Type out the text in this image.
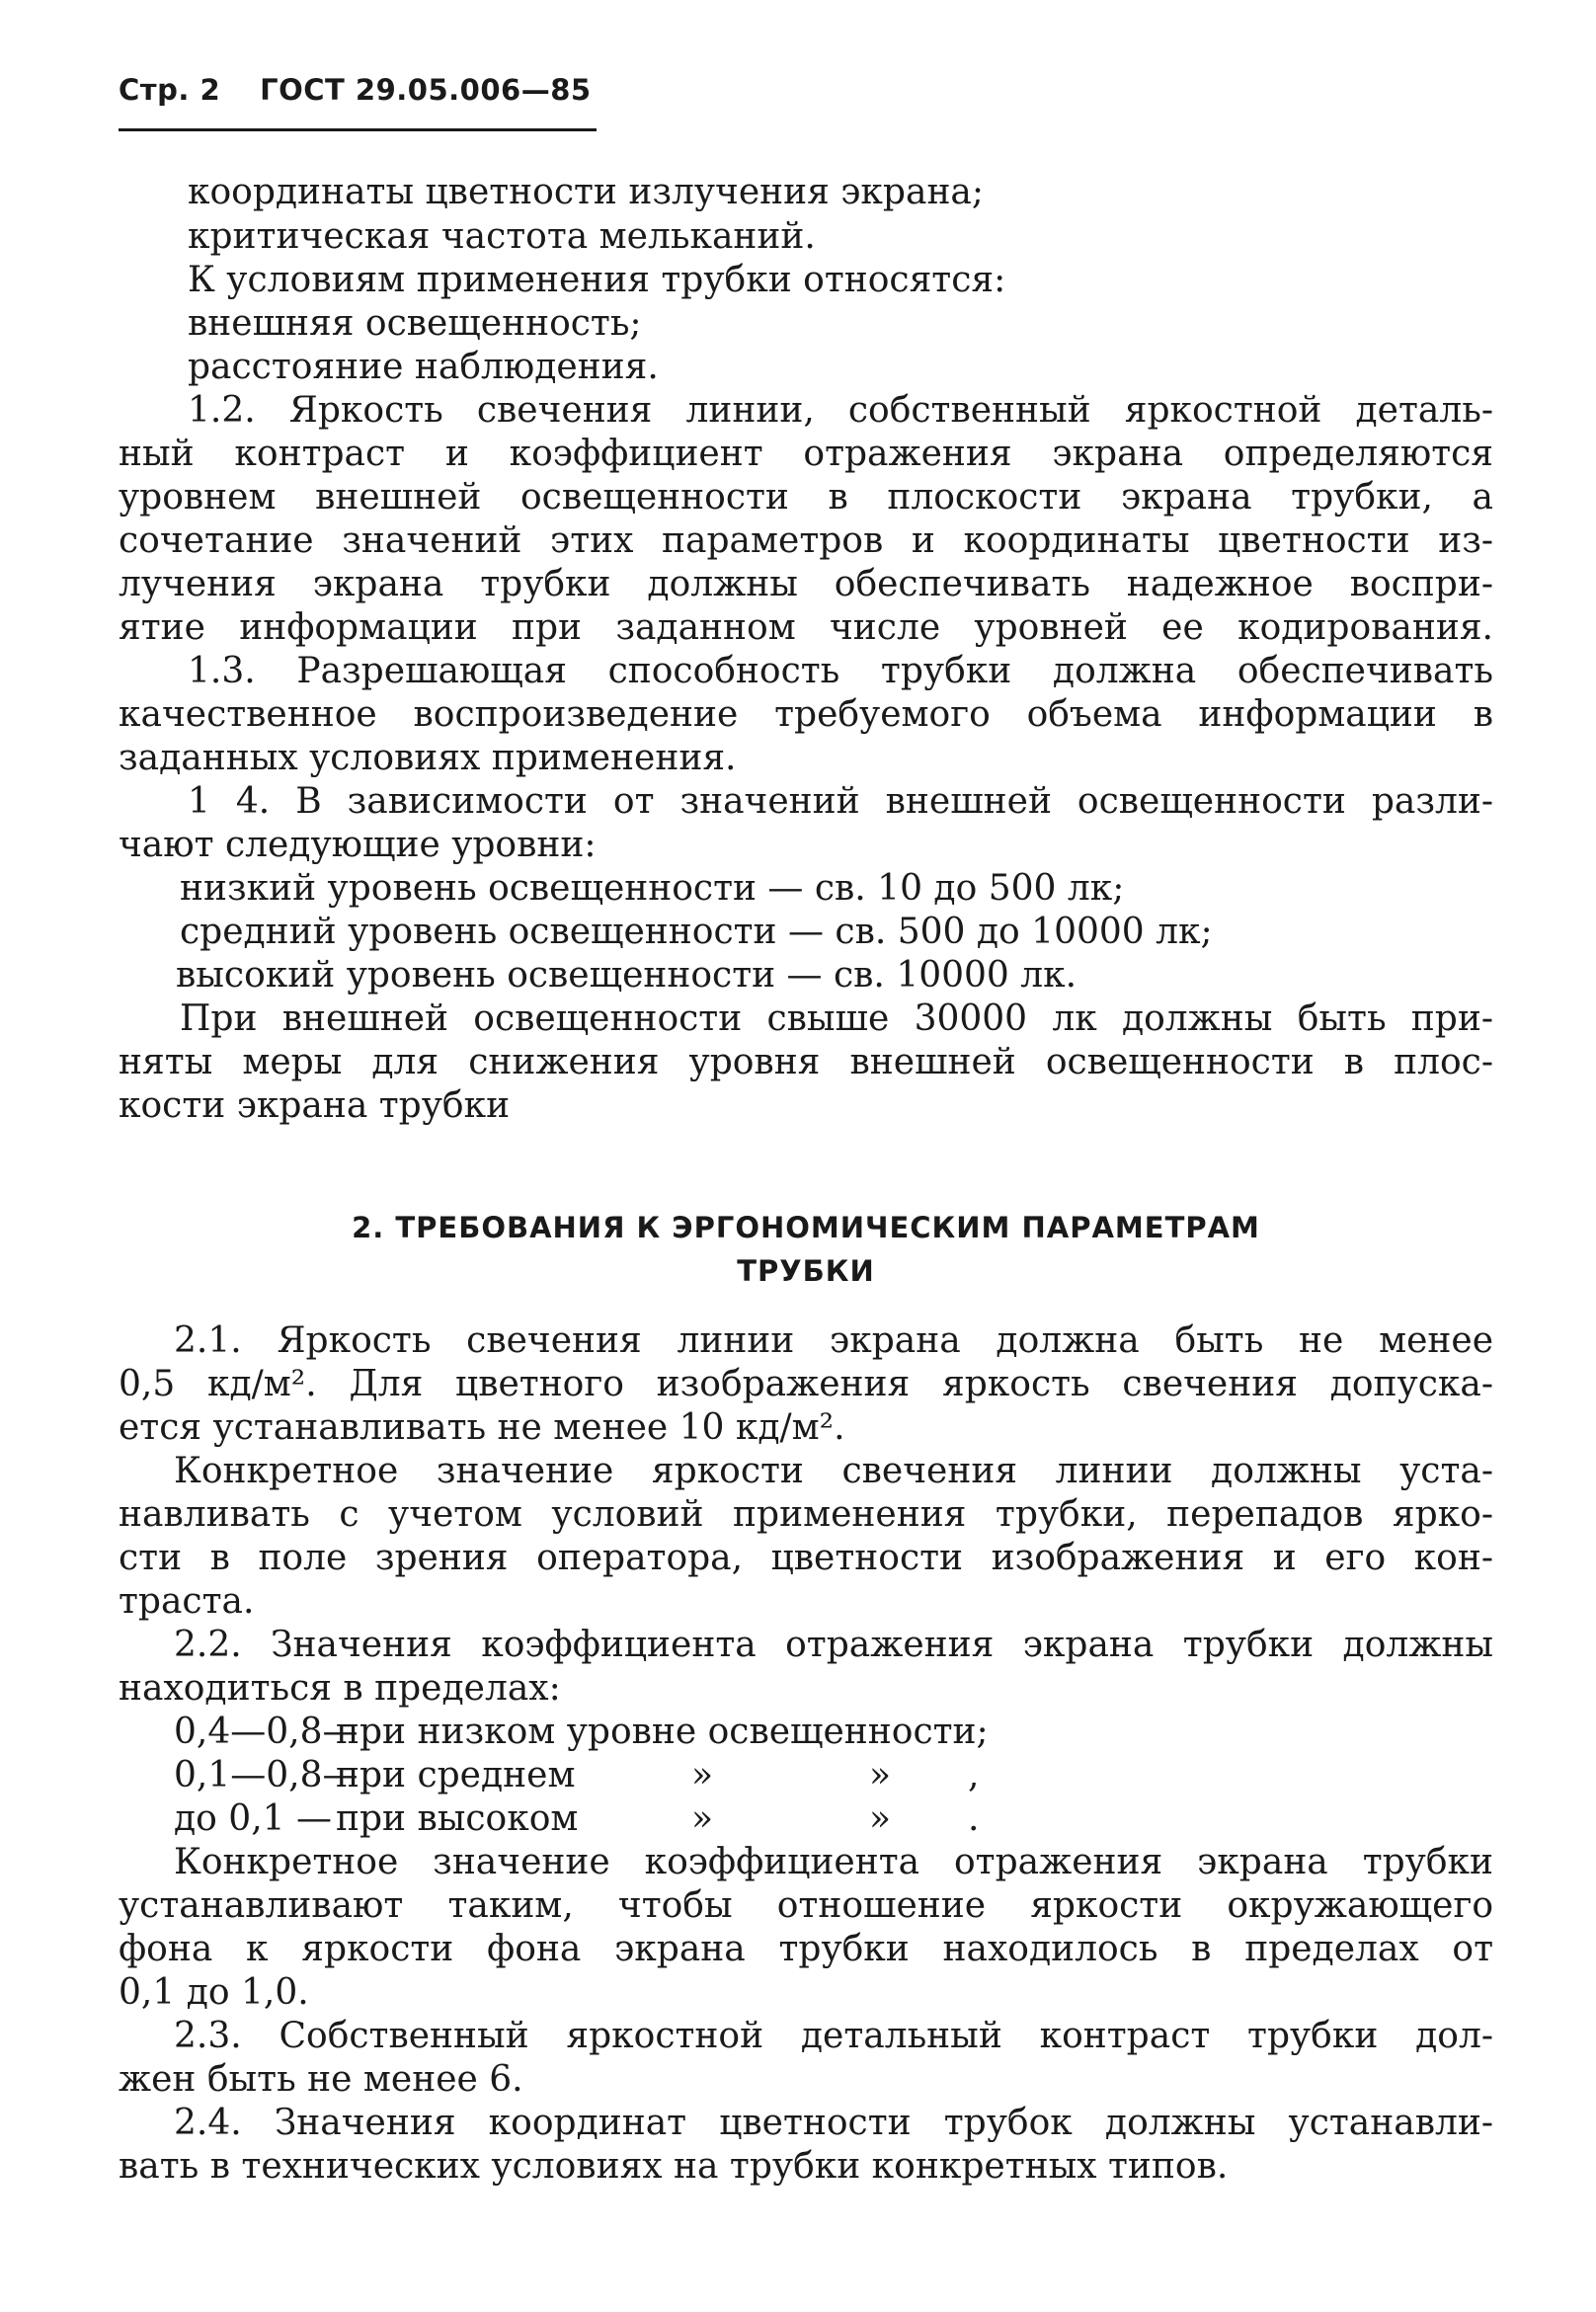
Стр. 2 ГОСТ 29.05.006—85
координаты цветности излучения экрана;
критическая частота мельканий.
К условиям применения трубки относятся:
внешняя освещенность;
расстояние наблюдения.
1.2. Яркость свечения линии, собственный яркостной деталь-
ный контраст и коэффициент отражения экрана определяются
уровнем внешней освещенности в плоскости экрана трубки, а
сочетание значений этих параметров и координаты цветности из-
лучения экрана трубки должны обеспечивать надежное воспри-
ятие информации при заданном числе уровней ее кодирования.
1.3. Разрешающая способность трубки должна обеспечивать
качественное воспроизведение требуемого объема информации в
заданных условиях применения.
1 4. В зависимости от значений внешней освещенности разли-
чают следующие уровни:
низкий уровень освещенности — св. 10 до 500 лк;
средний уровень освещенности — св. 500 до 10000 лк;
высокий уровень освещенности — св. 10000 лк.
При внешней освещенности свыше 30000 лк должны быть при-
няты меры для снижения уровня внешней освещенности в плос-
кости экрана трубки
2. ТРЕБОВАНИЯ К ЭРГОНОМИЧЕСКИМ ПАРАМЕТРАМ
ТРУБКИ
2.1. Яркость свечения линии экрана должна быть не менее
0,5 кд/м². Для цветного изображения яркость свечения допуска-
ется устанавливать не менее 10 кд/м².
Конкретное значение яркости свечения линии должны уста-
навливать с учетом условий применения трубки, перепадов ярко-
сти в поле зрения оператора, цветности изображения и его кон-
траста.
2.2. Значения коэффициента отражения экрана трубки должны
находиться в пределах:
0,4—0,8—при низком уровне освещенности;
0,1—0,8—при среднем	»	» ,
до 0,1 — при высоком	»	» .
Конкретное значение коэффициента отражения экрана трубки
устанавливают таким, чтобы отношение яркости окружающего
фона к яркости фона экрана трубки находилось в пределах от
0,1 до 1,0.
2.3. Собственный яркостной детальный контраст трубки дол-
жен быть не менее 6.
2.4. Значения координат цветности трубок должны устанавли-
вать в технических условиях на трубки конкретных типов.
